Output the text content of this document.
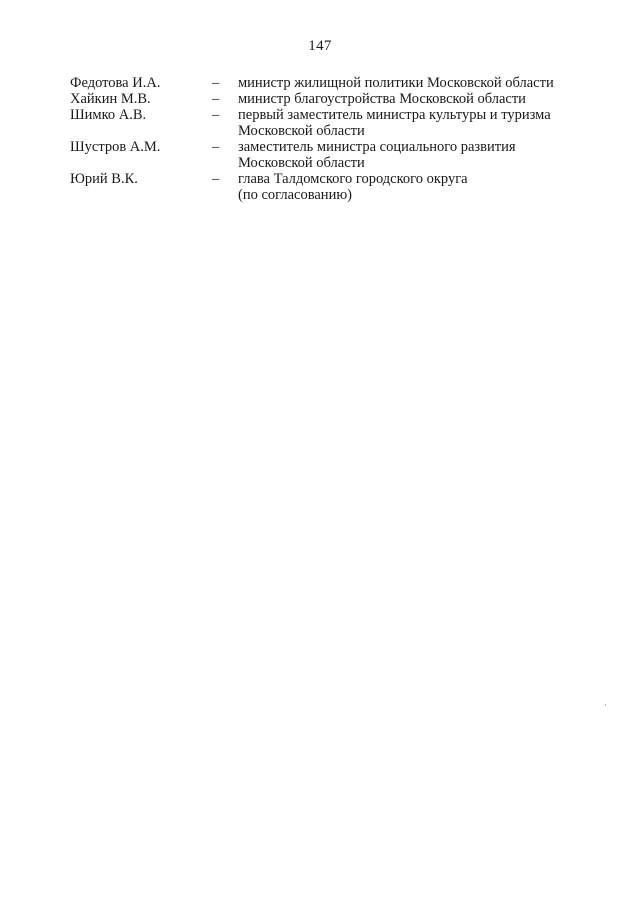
147
Федотова И.А.	–	министр жилищной политики Московской области
Хайкин М.В.	–	министр благоустройства Московской области
Шимко А.В.	–	первый заместитель министра культуры и туризма
Московской области
Шустров А.М.	–	заместитель министра социального развития
Московской области
Юрий В.К.	–	глава Талдомского городского округа
(по согласованию)
